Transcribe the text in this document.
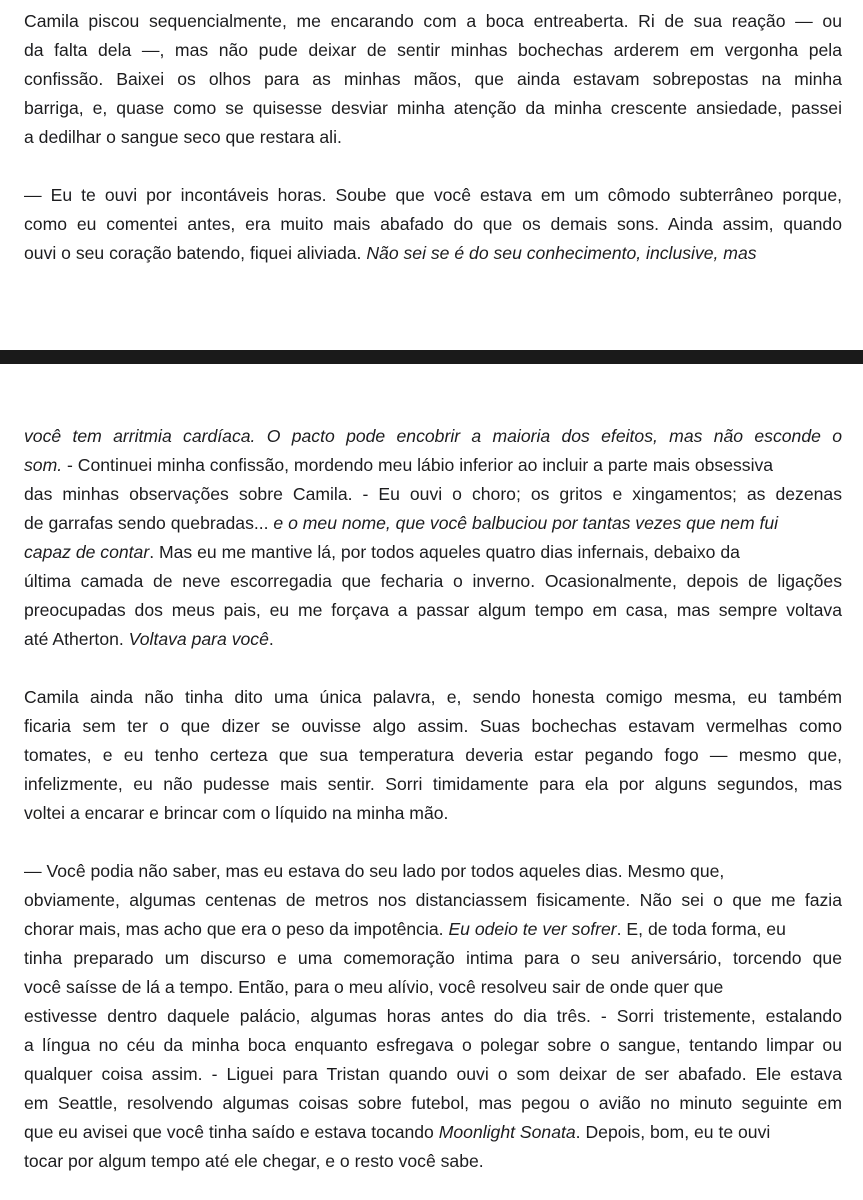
Camila piscou sequencialmente, me encarando com a boca entreaberta. Ri de sua reação — ou
da falta dela —, mas não pude deixar de sentir minhas bochechas arderem em vergonha pela
confissão. Baixei os olhos para as minhas mãos, que ainda estavam sobrepostas na minha
barriga, e, quase como se quisesse desviar minha atenção da minha crescente ansiedade, passei
a dedilhar o sangue seco que restara ali.
— Eu te ouvi por incontáveis horas. Soube que você estava em um cômodo subterrâneo porque,
como eu comentei antes, era muito mais abafado do que os demais sons. Ainda assim, quando
ouvi o seu coração batendo, fiquei aliviada. Não sei se é do seu conhecimento, inclusive, mas
você tem arritmia cardíaca. O pacto pode encobrir a maioria dos efeitos, mas não esconde o
som. - Continuei minha confissão, mordendo meu lábio inferior ao incluir a parte mais obsessiva
das minhas observações sobre Camila. - Eu ouvi o choro; os gritos e xingamentos; as dezenas
de garrafas sendo quebradas... e o meu nome, que você balbuciou por tantas vezes que nem fui
capaz de contar. Mas eu me mantive lá, por todos aqueles quatro dias infernais, debaixo da
última camada de neve escorregadia que fecharia o inverno. Ocasionalmente, depois de ligações
preocupadas dos meus pais, eu me forçava a passar algum tempo em casa, mas sempre voltava
até Atherton. Voltava para você.
Camila ainda não tinha dito uma única palavra, e, sendo honesta comigo mesma, eu também
ficaria sem ter o que dizer se ouvisse algo assim. Suas bochechas estavam vermelhas como
tomates, e eu tenho certeza que sua temperatura deveria estar pegando fogo — mesmo que,
infelizmente, eu não pudesse mais sentir. Sorri timidamente para ela por alguns segundos, mas
voltei a encarar e brincar com o líquido na minha mão.
— Você podia não saber, mas eu estava do seu lado por todos aqueles dias. Mesmo que,
obviamente, algumas centenas de metros nos distanciassem fisicamente. Não sei o que me fazia
chorar mais, mas acho que era o peso da impotência. Eu odeio te ver sofrer. E, de toda forma, eu
tinha preparado um discurso e uma comemoração intima para o seu aniversário, torcendo que
você saísse de lá a tempo. Então, para o meu alívio, você resolveu sair de onde quer que
estivesse dentro daquele palácio, algumas horas antes do dia três. - Sorri tristemente, estalando
a língua no céu da minha boca enquanto esfregava o polegar sobre o sangue, tentando limpar ou
qualquer coisa assim. - Liguei para Tristan quando ouvi o som deixar de ser abafado. Ele estava
em Seattle, resolvendo algumas coisas sobre futebol, mas pegou o avião no minuto seguinte em
que eu avisei que você tinha saído e estava tocando Moonlight Sonata. Depois, bom, eu te ouvi
tocar por algum tempo até ele chegar, e o resto você sabe.
